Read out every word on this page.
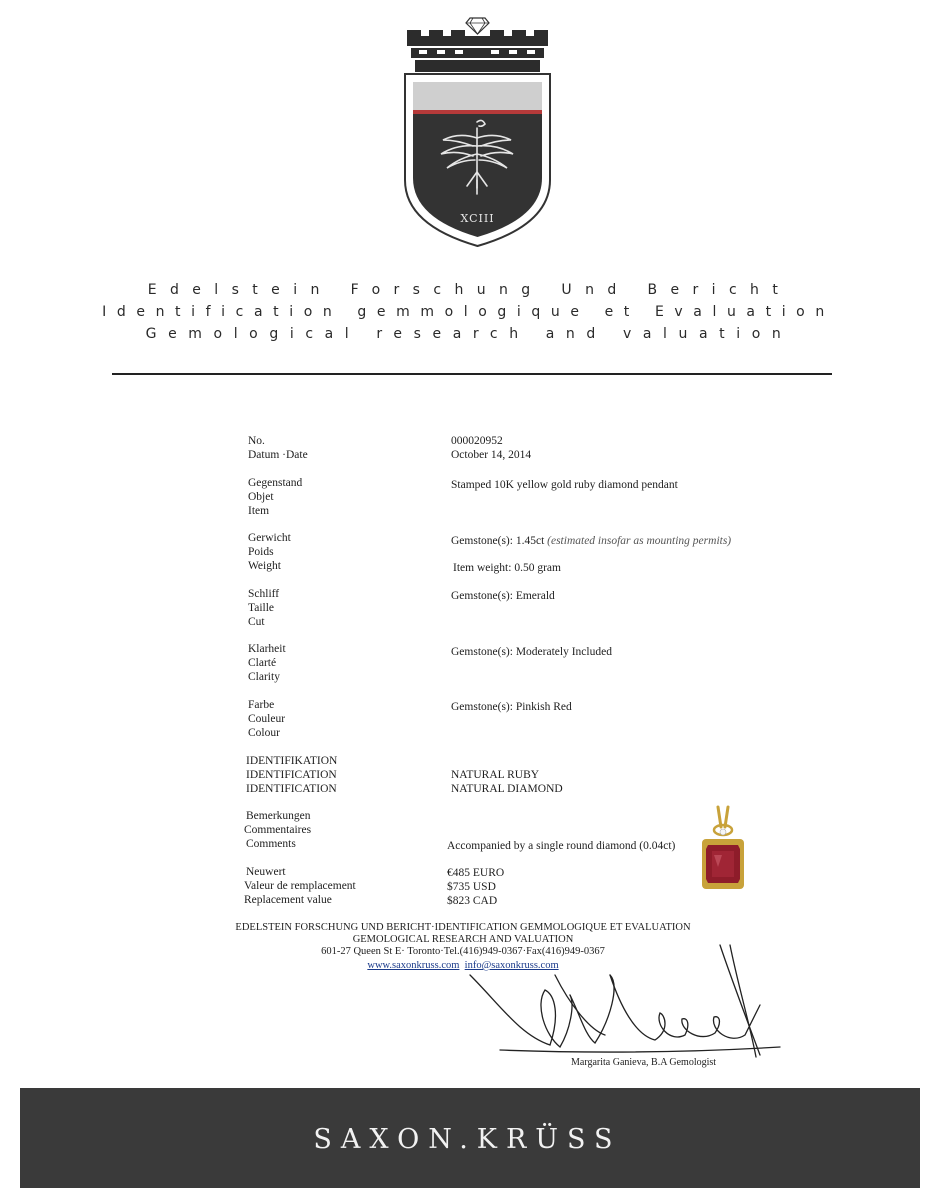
XCIII
Edelstein Forschung Und Bericht
Identification gemmologique et Evaluation
Gemological research and valuation
No.
Datum ·Date
000020952
October 14, 2014
Gegenstand
Objet
Item
Stamped 10K yellow gold ruby diamond pendant
Gerwicht
Poids
Weight
Gemstone(s): 1.45ct (estimated insofar as mounting permits)
Item weight: 0.50 gram
Schliff
Taille
Cut
Gemstone(s): Emerald
Klarheit
Clarté
Clarity
Gemstone(s): Moderately Included
Farbe
Couleur
Colour
Gemstone(s): Pinkish Red
IDENTIFIKATION
IDENTIFICATION
IDENTIFICATION
NATURAL RUBY
NATURAL DIAMOND
Bemerkungen
Commentaires
Comments	Accompanied by a single round diamond (0.04ct)
Neuwert
Valeur de remplacement
Replacement value
€485 EURO
$735 USD
$823 CAD
EDELSTEIN FORSCHUNG UND BERICHT·IDENTIFICATION GEMMOLOGIQUE ET EVALUATION
GEMOLOGICAL RESEARCH AND VALUATION
601-27 Queen St E· Toronto·Tel.(416)949-0367·Fax(416)949-0367
www.saxonkruss.com info@saxonkruss.com
Margarita Ganieva, B.A Gemologist
SAXON.KRÜSS
